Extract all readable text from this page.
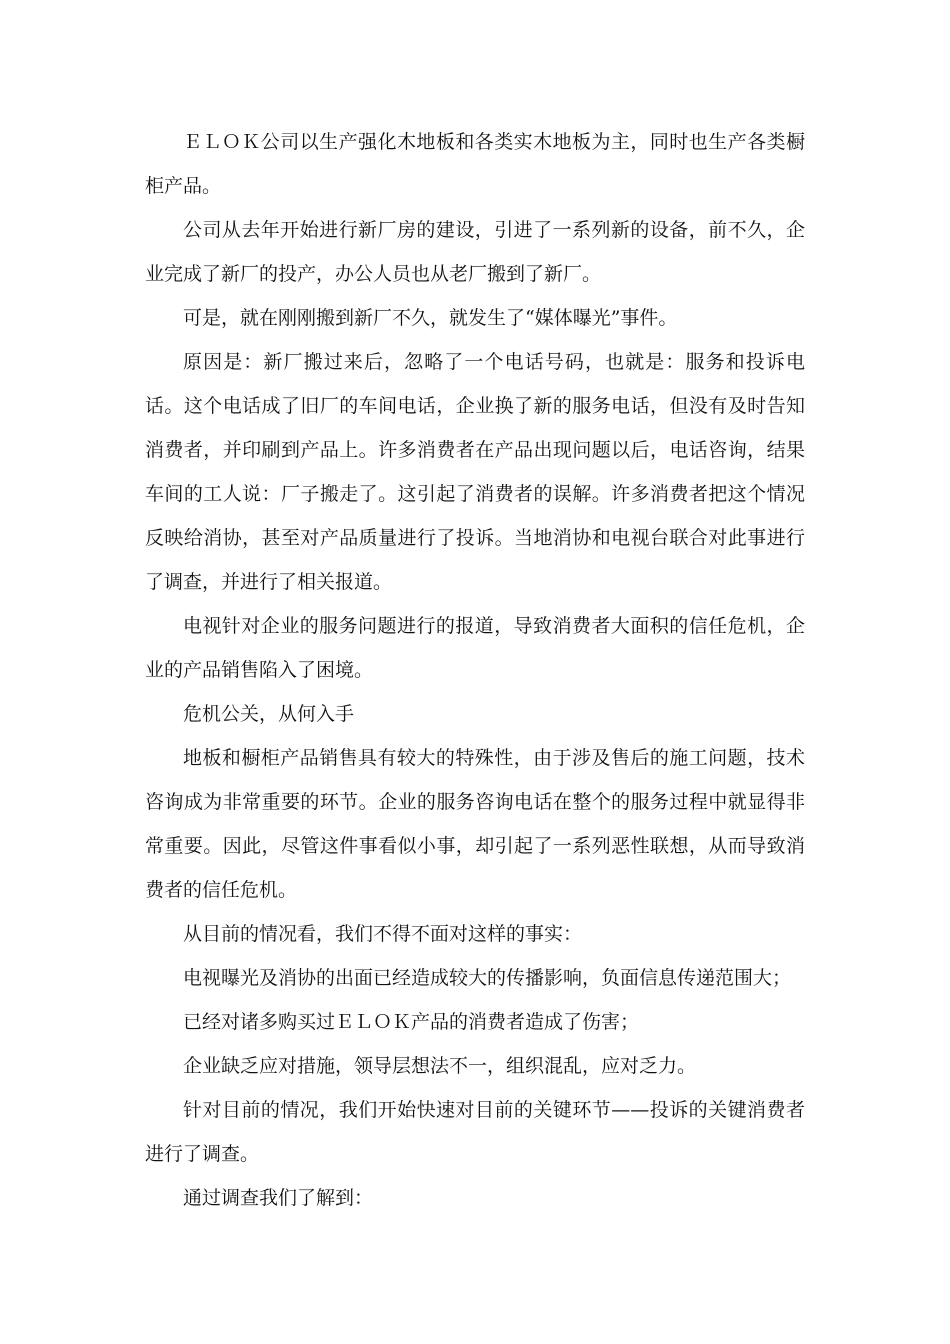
ＥＬＯＫ公司以生产强化木地板和各类实木地板为主，同时也生产各类橱柜产品。

公司从去年开始进行新厂房的建设，引进了一系列新的设备，前不久，企业完成了新厂的投产，办公人员也从老厂搬到了新厂。

可是，就在刚刚搬到新厂不久，就发生了“媒体曝光”事件。

原因是：新厂搬过来后，忽略了一个电话号码，也就是：服务和投诉电话。这个电话成了旧厂的车间电话，企业换了新的服务电话，但没有及时告知消费者，并印刷到产品上。许多消费者在产品出现问题以后，电话咨询，结果车间的工人说：厂子搬走了。这引起了消费者的误解。许多消费者把这个情况反映给消协，甚至对产品质量进行了投诉。当地消协和电视台联合对此事进行了调查，并进行了相关报道。

电视针对企业的服务问题进行的报道，导致消费者大面积的信任危机，企业的产品销售陷入了困境。

危机公关，从何入手

地板和橱柜产品销售具有较大的特殊性，由于涉及售后的施工问题，技术咨询成为非常重要的环节。企业的服务咨询电话在整个的服务过程中就显得非常重要。因此，尽管这件事看似小事，却引起了一系列恶性联想，从而导致消费者的信任危机。

从目前的情况看，我们不得不面对这样的事实：

电视曝光及消协的出面已经造成较大的传播影响，负面信息传递范围大；

已经对诸多购买过ＥＬＯＫ产品的消费者造成了伤害；

企业缺乏应对措施，领导层想法不一，组织混乱，应对乏力。

针对目前的情况，我们开始快速对目前的关键环节——投诉的关键消费者进行了调查。

通过调查我们了解到：
